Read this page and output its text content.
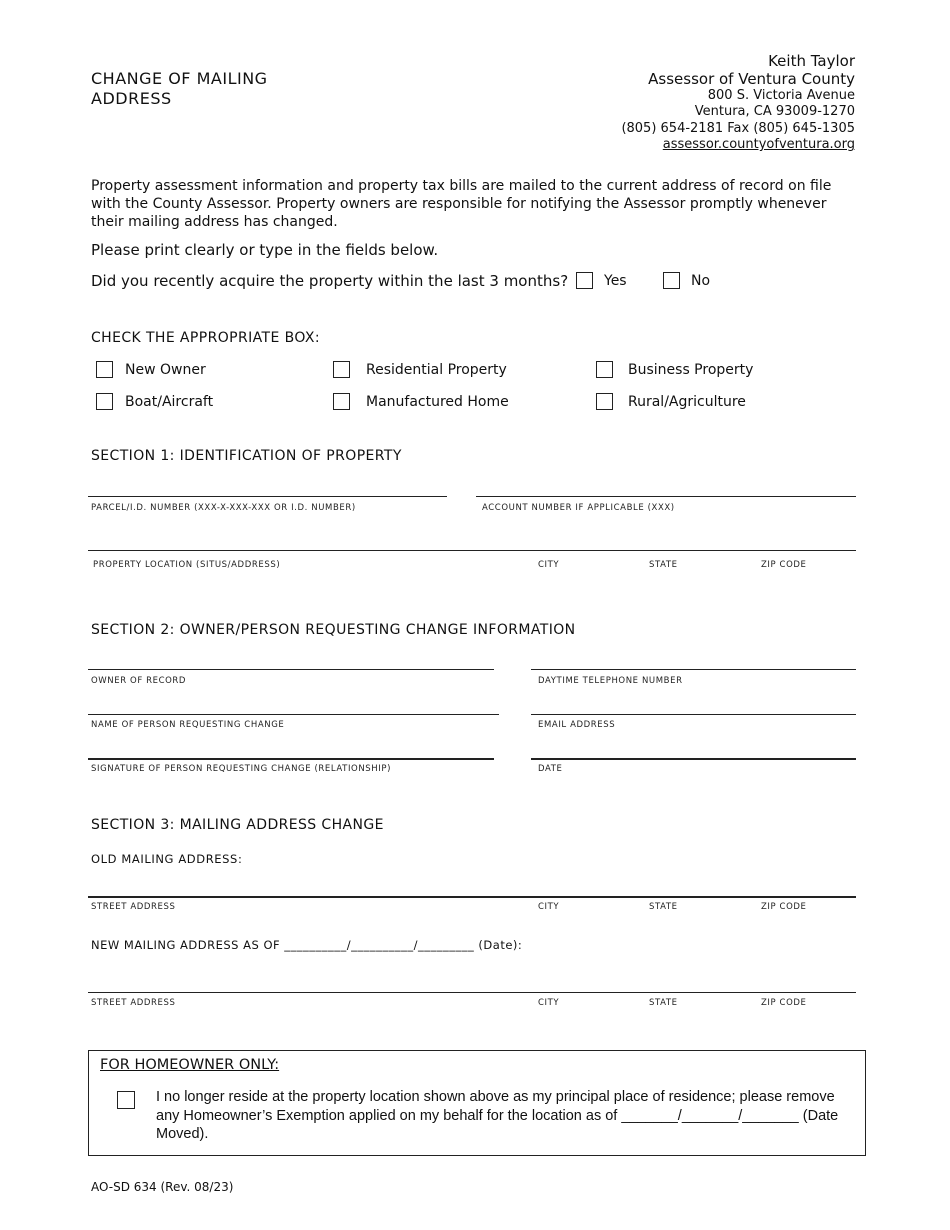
CHANGE OF MAILING ADDRESS
Keith Taylor
Assessor of Ventura County
800 S. Victoria Avenue
Ventura, CA 93009-1270
(805) 654-2181 Fax (805) 645-1305
assessor.countyofventura.org
Property assessment information and property tax bills are mailed to the current address of record on file with the County Assessor. Property owners are responsible for notifying the Assessor promptly whenever their mailing address has changed.
Please print clearly or type in the fields below.
Did you recently acquire the property within the last 3 months?	Yes	No
CHECK THE APPROPRIATE BOX:
New Owner	Residential Property	Business Property
Boat/Aircraft	Manufactured Home	Rural/Agriculture
SECTION 1: IDENTIFICATION OF PROPERTY
PARCEL/I.D. NUMBER (XXX-X-XXX-XXX OR I.D. NUMBER)	ACCOUNT NUMBER IF APPLICABLE (XXX)
PROPERTY LOCATION (SITUS/ADDRESS)	CITY	STATE	ZIP CODE
SECTION 2: OWNER/PERSON REQUESTING CHANGE INFORMATION
OWNER OF RECORD	DAYTIME TELEPHONE NUMBER
NAME OF PERSON REQUESTING CHANGE	EMAIL ADDRESS
SIGNATURE OF PERSON REQUESTING CHANGE (RELATIONSHIP)	DATE
SECTION 3: MAILING ADDRESS CHANGE
OLD MAILING ADDRESS:
STREET ADDRESS	CITY	STATE	ZIP CODE
NEW MAILING ADDRESS AS OF __________/__________/_________ (Date):
STREET ADDRESS	CITY	STATE	ZIP CODE
FOR HOMEOWNER ONLY:
I no longer reside at the property location shown above as my principal place of residence; please remove any Homeowner’s Exemption applied on my behalf for the location as of _______/_______/_______ (Date Moved).
AO-SD 634 (Rev. 08/23)
